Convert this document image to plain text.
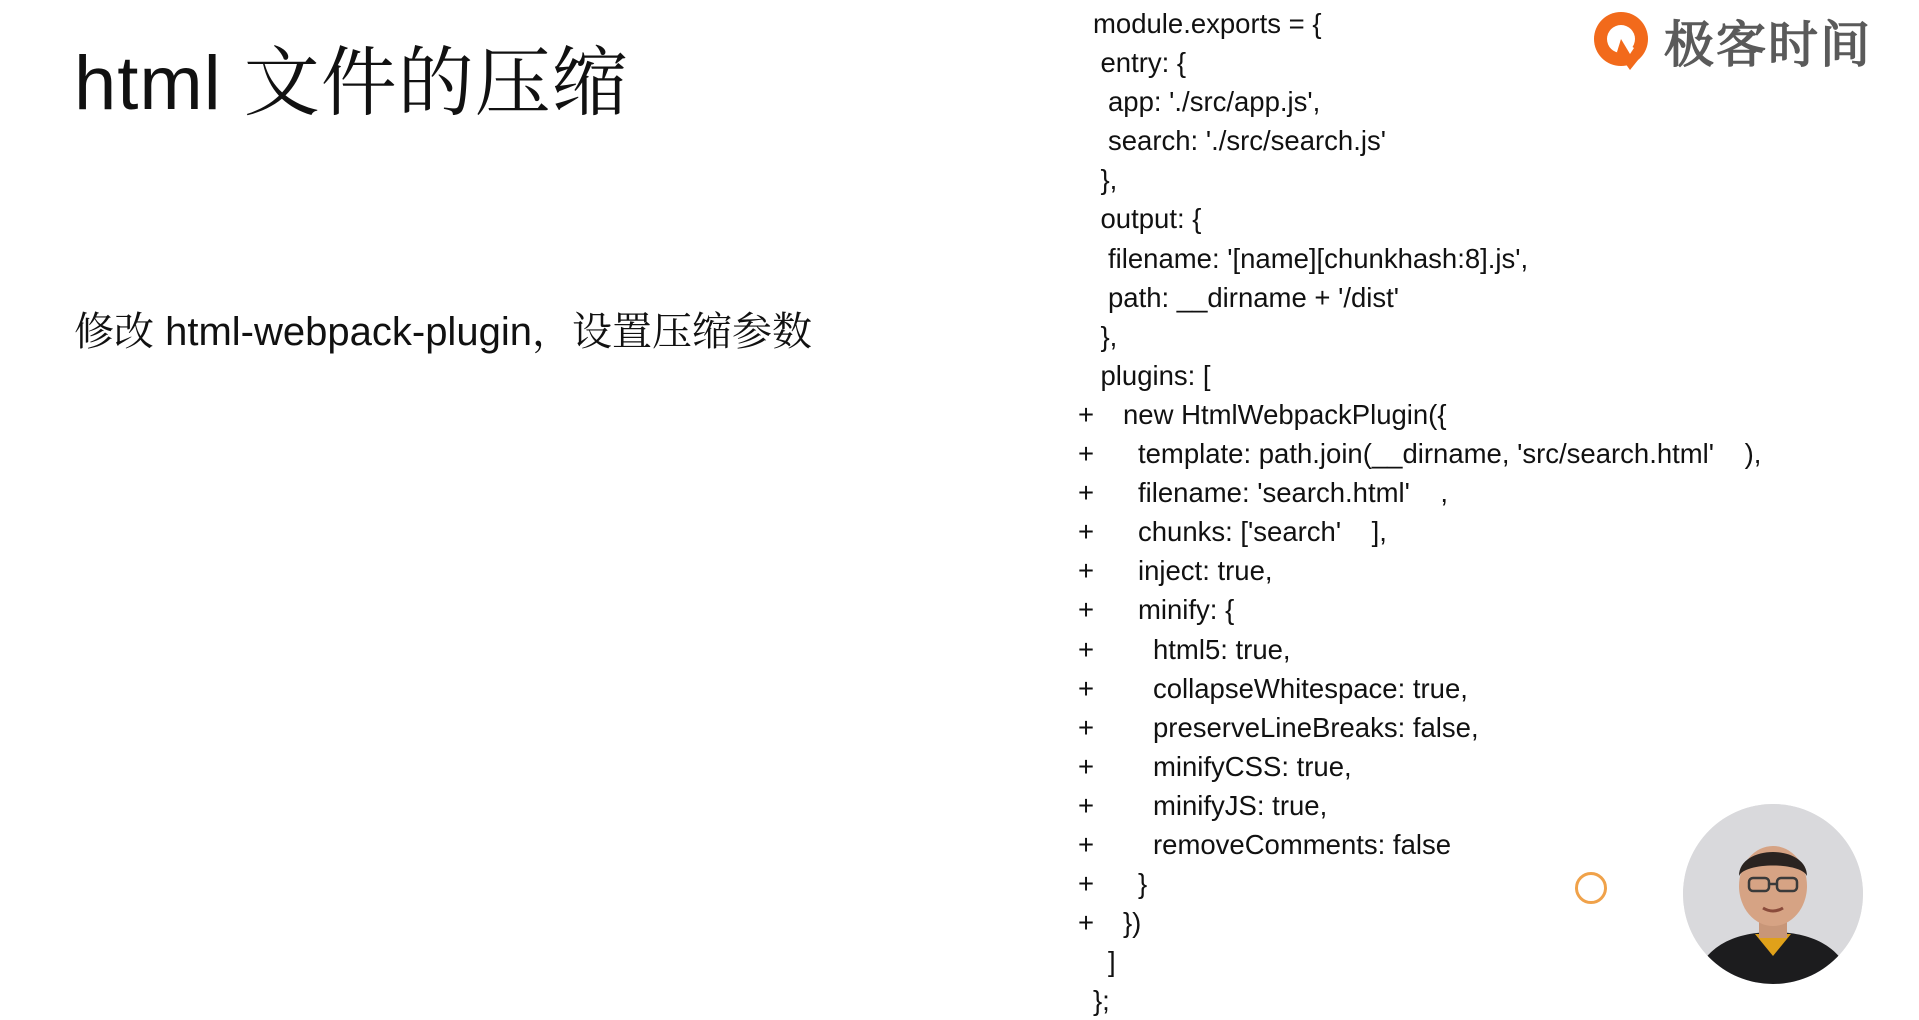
html 文件的压缩
修改 html-webpack-plugin，设置压缩参数
极客时间
module.exports = {
entry: {
app: './src/app.js',
search: './src/search.js'
},
output: {
filename: '[name][chunkhash:8].js',
path: __dirname + '/dist'
},
plugins: [
+ new HtmlWebpackPlugin({
+ template: path.join(__dirname, 'src/search.html'    ),
+ filename: 'search.html'    ,
+ chunks: ['search'    ],
+ inject: true,
+ minify: {
+ html5: true,
+ collapseWhitespace: true,
+ preserveLineBreaks: false,
+ minifyCSS: true,
+ minifyJS: true,
+ removeComments: false
+ }
+ })
]
};
